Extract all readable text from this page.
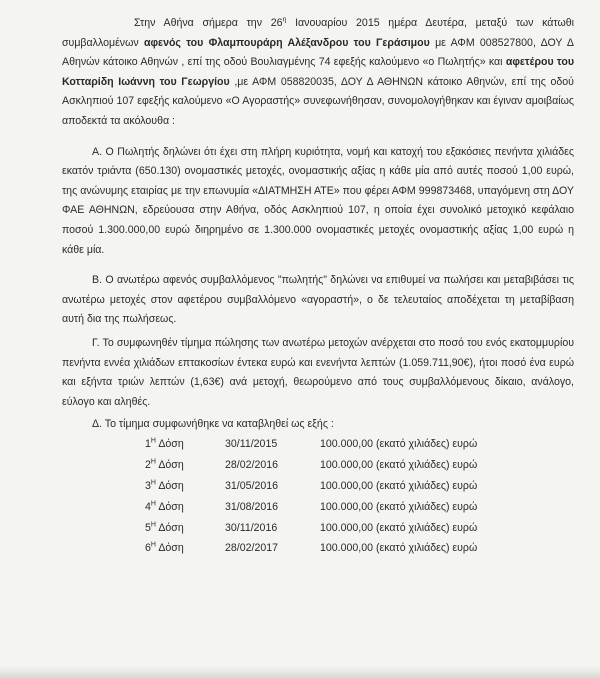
Στην Αθήνα σήμερα την $26^\eta$ Ιανουαρίου 2015 ημέρα Δευτέρα, μεταξύ των κάτωθι συμβαλλομένων αφενός του Φλαμπουράρη Αλέξανδρου του Γεράσιμου με ΑΦΜ 008527800, ΔΟΥ Δ Αθηνών κάτοικο Αθηνών , επί της οδού Βουλιαγμένης 74 εφεξής καλούμενο «ο Πωλητής» και αφετέρου του Κοτταρίδη Ιωάννη του Γεωργίου ,με ΑΦΜ 058820035, ΔΟΥ Δ ΑΘΗΝΩΝ κάτοικο Αθηνών, επί της οδού Ασκληπιού 107 εφεξής καλούμενο «Ο Αγοραστής» συνεφωνήθησαν, συνομολογήθηκαν και έγιναν αμοιβαίως αποδεκτά τα ακόλουθα :

Α. Ο Πωλητής δηλώνει ότι έχει στη πλήρη κυριότητα, νομή και κατοχή του εξακόσιες πενήντα χιλιάδες εκατόν τριάντα (650.130) ονομαστικές μετοχές, ονομαστικής αξίας η κάθε μία από αυτές ποσού 1,00 ευρώ, της ανώνυμης εταιρίας με την επωνυμία «ΔΙΑΤΜΗΣΗ ΑΤΕ» που φέρει ΑΦΜ 999873468, υπαγόμενη στη ΔΟΥ ΦΑΕ ΑΘΗΝΩΝ, εδρεύουσα στην Αθήνα, οδός Ασκληπιού 107, η οποία έχει συνολικό μετοχικό κεφάλαιο ποσού 1.300.000,00 ευρώ διηρημένο σε 1.300.000 ονομαστικές μετοχές ονομαστικής αξίας 1,00 ευρώ η κάθε μία.

Β. Ο ανωτέρω αφενός συμβαλλόμενος "πωλητής" δηλώνει να επιθυμεί να πωλήσει και μεταβιβάσει τις ανωτέρω μετοχές στον αφετέρου συμβαλλόμενο «αγοραστή», ο δε τελευταίος αποδέχεται τη μεταβίβαση αυτή δια της πωλήσεως.

Γ. Το συμφωνηθέν τίμημα πώλησης των ανωτέρω μετοχών ανέρχεται στο ποσό του ενός εκατομμυρίου πενήντα εννέα χιλιάδων επτακοσίων έντεκα ευρώ και ενενήντα λεπτών (1.059.711,90€), ήτοι ποσό ένα ευρώ και εξήντα τριών λεπτών (1,63€) ανά μετοχή, θεωρούμενο από τους συμβαλλόμενους δίκαιο, ανάλογο, εύλογο και αληθές.

Δ. Το τίμημα συμφωνήθηκε να καταβληθεί ως εξής :

$1^H$ Δόση	30/11/2015	100.000,00 (εκατό χιλιάδες) ευρώ
$2^H$ Δόση	28/02/2016	100.000,00 (εκατό χιλιάδες) ευρώ
$3^H$ Δόση	31/05/2016	100.000,00 (εκατό χιλιάδες) ευρώ
$4^H$ Δόση	31/08/2016	100.000,00 (εκατό χιλιάδες) ευρώ
$5^H$ Δόση	30/11/2016	100.000,00 (εκατό χιλιάδες) ευρώ
$6^H$ Δόση	28/02/2017	100.000,00 (εκατό χιλιάδες) ευρώ
